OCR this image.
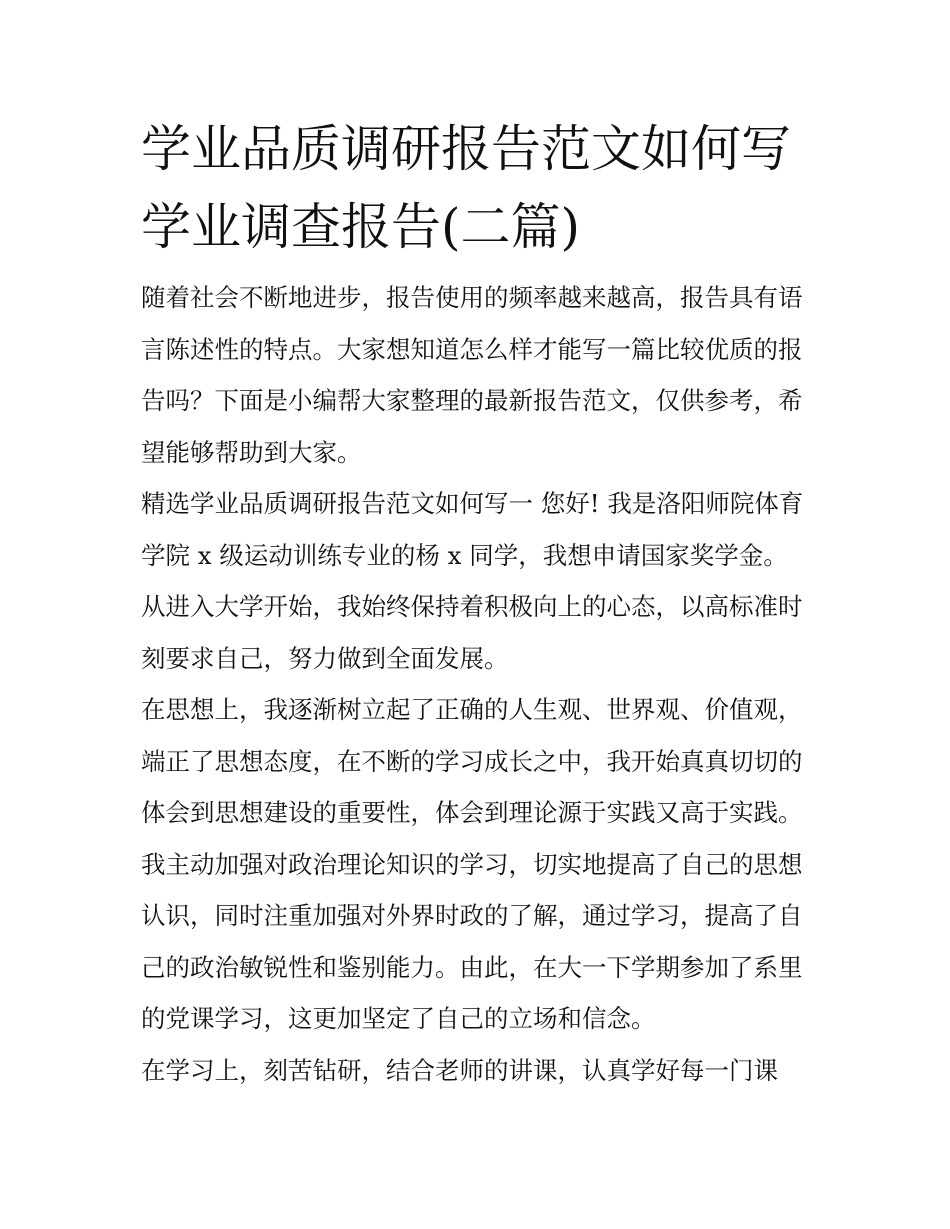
学业品质调研报告范文如何写
学业调查报告(二篇)

随着社会不断地进步，报告使用的频率越来越高，报告具有语

言陈述性的特点。大家想知道怎么样才能写一篇比较优质的报

告吗？下面是小编帮大家整理的最新报告范文，仅供参考，希

望能够帮助到大家。

精选学业品质调研报告范文如何写一 您好! 我是洛阳师院体育

学院 x 级运动训练专业的杨 x 同学，我想申请国家奖学金。

从进入大学开始，我始终保持着积极向上的心态，以高标准时

刻要求自己，努力做到全面发展。

在思想上，我逐渐树立起了正确的人生观、世界观、价值观，

端正了思想态度，在不断的学习成长之中，我开始真真切切的

体会到思想建设的重要性，体会到理论源于实践又高于实践。

我主动加强对政治理论知识的学习，切实地提高了自己的思想

认识，同时注重加强对外界时政的了解，通过学习，提高了自

己的政治敏锐性和鉴别能力。由此，在大一下学期参加了系里

的党课学习，这更加坚定了自己的立场和信念。

在学习上，刻苦钻研，结合老师的讲课，认真学好每一门课
